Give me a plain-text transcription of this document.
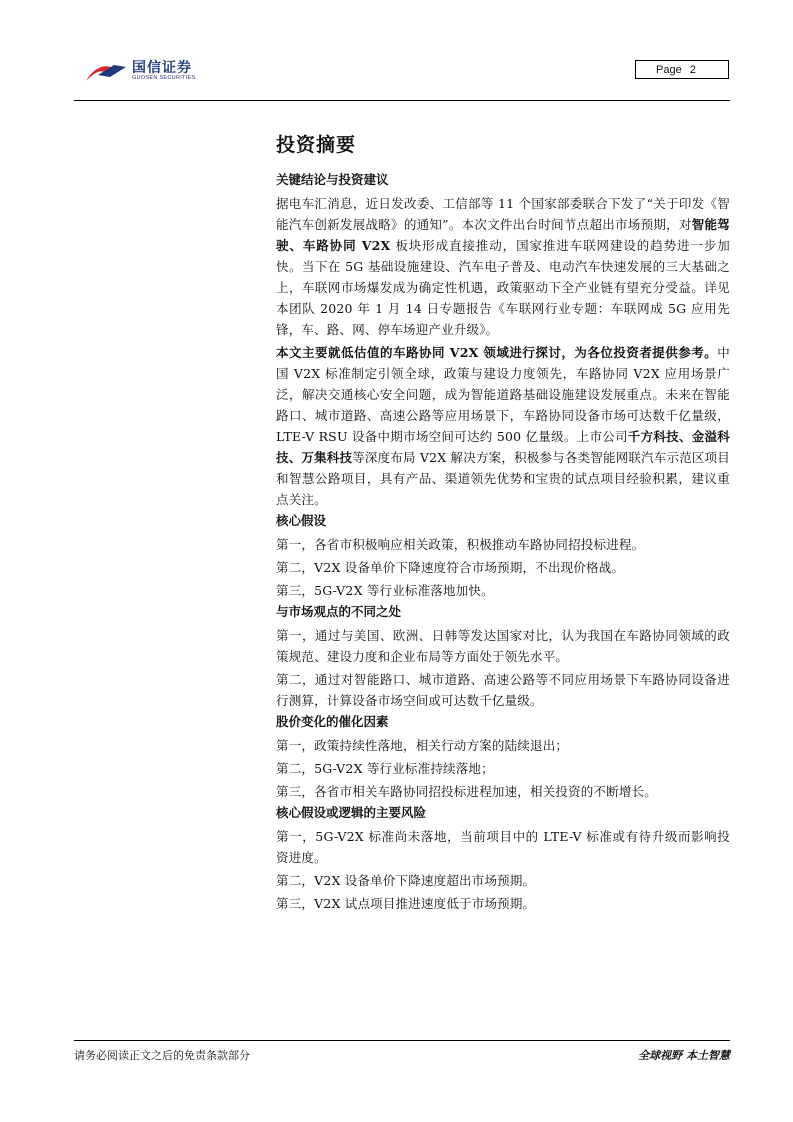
国信证券
GUOSEN SECURITIES
Page 2
投资摘要
关键结论与投资建议
据电车汇消息，近日发改委、工信部等 11 个国家部委联合下发了“关于印发《智能汽车创新发展战略》的通知”。本次文件出台时间节点超出市场预期，对智能驾驶、车路协同 V2X 板块形成直接推动，国家推进车联网建设的趋势进一步加快。当下在 5G 基础设施建设、汽车电子普及、电动汽车快速发展的三大基础之上，车联网市场爆发成为确定性机遇，政策驱动下全产业链有望充分受益。详见本团队 2020 年 1 月 14 日专题报告《车联网行业专题：车联网成 5G 应用先锋，车、路、网、停车场迎产业升级》。
本文主要就低估值的车路协同 V2X 领域进行探讨，为各位投资者提供参考。中国 V2X 标准制定引领全球，政策与建设力度领先，车路协同 V2X 应用场景广泛，解决交通核心安全问题，成为智能道路基础设施建设发展重点。未来在智能路口、城市道路、高速公路等应用场景下，车路协同设备市场可达数千亿量级，LTE-V RSU 设备中期市场空间可达约 500 亿量级。上市公司千方科技、金溢科技、万集科技等深度布局 V2X 解决方案，积极参与各类智能网联汽车示范区项目和智慧公路项目，具有产品、渠道领先优势和宝贵的试点项目经验积累，建议重点关注。
核心假设
第一，各省市积极响应相关政策，积极推动车路协同招投标进程。
第二，V2X 设备单价下降速度符合市场预期，不出现价格战。
第三，5G-V2X 等行业标准落地加快。
与市场观点的不同之处
第一，通过与美国、欧洲、日韩等发达国家对比，认为我国在车路协同领域的政策规范、建设力度和企业布局等方面处于领先水平。
第二，通过对智能路口、城市道路、高速公路等不同应用场景下车路协同设备进行测算，计算设备市场空间或可达数千亿量级。
股价变化的催化因素
第一，政策持续性落地，相关行动方案的陆续退出；
第二，5G-V2X 等行业标准持续落地；
第三，各省市相关车路协同招投标进程加速，相关投资的不断增长。
核心假设或逻辑的主要风险
第一，5G-V2X 标准尚未落地，当前项目中的 LTE-V 标准或有待升级而影响投资进度。
第二，V2X 设备单价下降速度超出市场预期。
第三，V2X 试点项目推进速度低于市场预期。
请务必阅读正文之后的免责条款部分	全球视野 本土智慧
